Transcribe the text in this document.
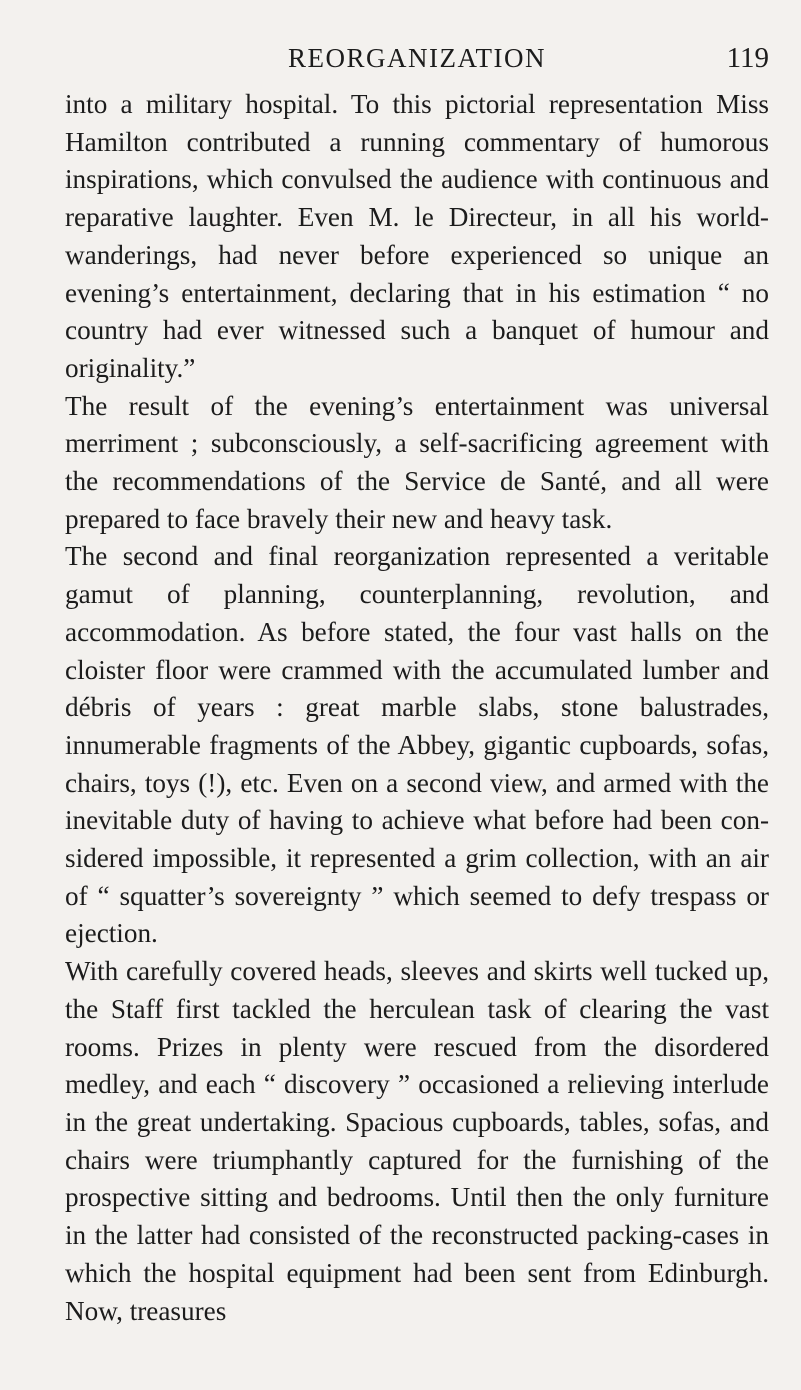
REORGANIZATION	119

into a military hospital. To this pictorial representation Miss Hamilton contributed a running commentary of humorous inspirations, which convulsed the audience with continuous and reparative laughter. Even M. le Directeur, in all his world-wanderings, had never before experienced so unique an evening’s entertainment, declaring that in his estimation “ no country had ever witnessed such a banquet of humour and originality.”

The result of the evening’s entertainment was universal merriment ; subconsciously, a self-sacrificing agreement with the recommendations of the Service de Santé, and all were prepared to face bravely their new and heavy task.

The second and final reorganization represented a veritable gamut of planning, counterplanning, revolution, and accommodation. As before stated, the four vast halls on the cloister floor were crammed with the accumulated lumber and débris of years : great marble slabs, stone balustrades, innumerable fragments of the Abbey, gigantic cupboards, sofas, chairs, toys (!), etc. Even on a second view, and armed with the inevitable duty of having to achieve what before had been considered impossible, it represented a grim collection, with an air of “ squatter’s sovereignty ” which seemed to defy trespass or ejection.

With carefully covered heads, sleeves and skirts well tucked up, the Staff first tackled the herculean task of clearing the vast rooms. Prizes in plenty were rescued from the disordered medley, and each “ discovery ” occasioned a relieving interlude in the great undertaking. Spacious cupboards, tables, sofas, and chairs were triumphantly captured for the furnishing of the prospective sitting and bedrooms. Until then the only furniture in the latter had consisted of the reconstructed packing-cases in which the hospital equipment had been sent from Edinburgh. Now, treasures
